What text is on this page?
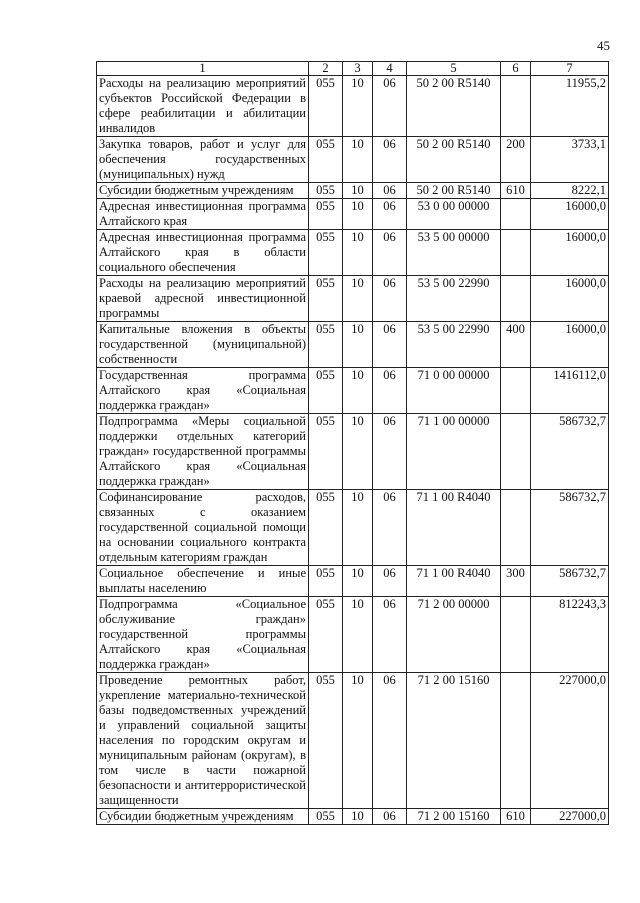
45
1	2	3	4	5	6	7
Расходы на реализацию мероприятий субъектов Российской Федерации в сфере реабилитации и абилитации инвалидов	055	10	06	50 2 00 R5140		11955,2
Закупка товаров, работ и услуг для обеспечения государственных (муниципальных) нужд	055	10	06	50 2 00 R5140	200	3733,1
Субсидии бюджетным учреждениям	055	10	06	50 2 00 R5140	610	8222,1
Адресная инвестиционная программа Алтайского края	055	10	06	53 0 00 00000		16000,0
Адресная инвестиционная программа Алтайского края в области социального обеспечения	055	10	06	53 5 00 00000		16000,0
Расходы на реализацию мероприятий краевой адресной инвестиционной программы	055	10	06	53 5 00 22990		16000,0
Капитальные вложения в объекты государственной (муниципальной) собственности	055	10	06	53 5 00 22990	400	16000,0
Государственная программа Алтайского края «Социальная поддержка граждан»	055	10	06	71 0 00 00000		1416112,0
Подпрограмма «Меры социальной поддержки отдельных категорий граждан» государственной программы Алтайского края «Социальная поддержка граждан»	055	10	06	71 1 00 00000		586732,7
Софинансирование расходов, связанных с оказанием государственной социальной помощи на основании социального контракта отдельным категориям граждан	055	10	06	71 1 00 R4040		586732,7
Социальное обеспечение и иные выплаты населению	055	10	06	71 1 00 R4040	300	586732,7
Подпрограмма «Социальное обслуживание граждан» государственной программы Алтайского края «Социальная поддержка граждан»	055	10	06	71 2 00 00000		812243,3
Проведение ремонтных работ, укрепление материально-технической базы подведомственных учреждений и управлений социальной защиты населения по городским округам и муниципальным районам (округам), в том числе в части пожарной безопасности и антитеррористической защищенности	055	10	06	71 2 00 15160		227000,0
Субсидии бюджетным учреждениям	055	10	06	71 2 00 15160	610	227000,0
